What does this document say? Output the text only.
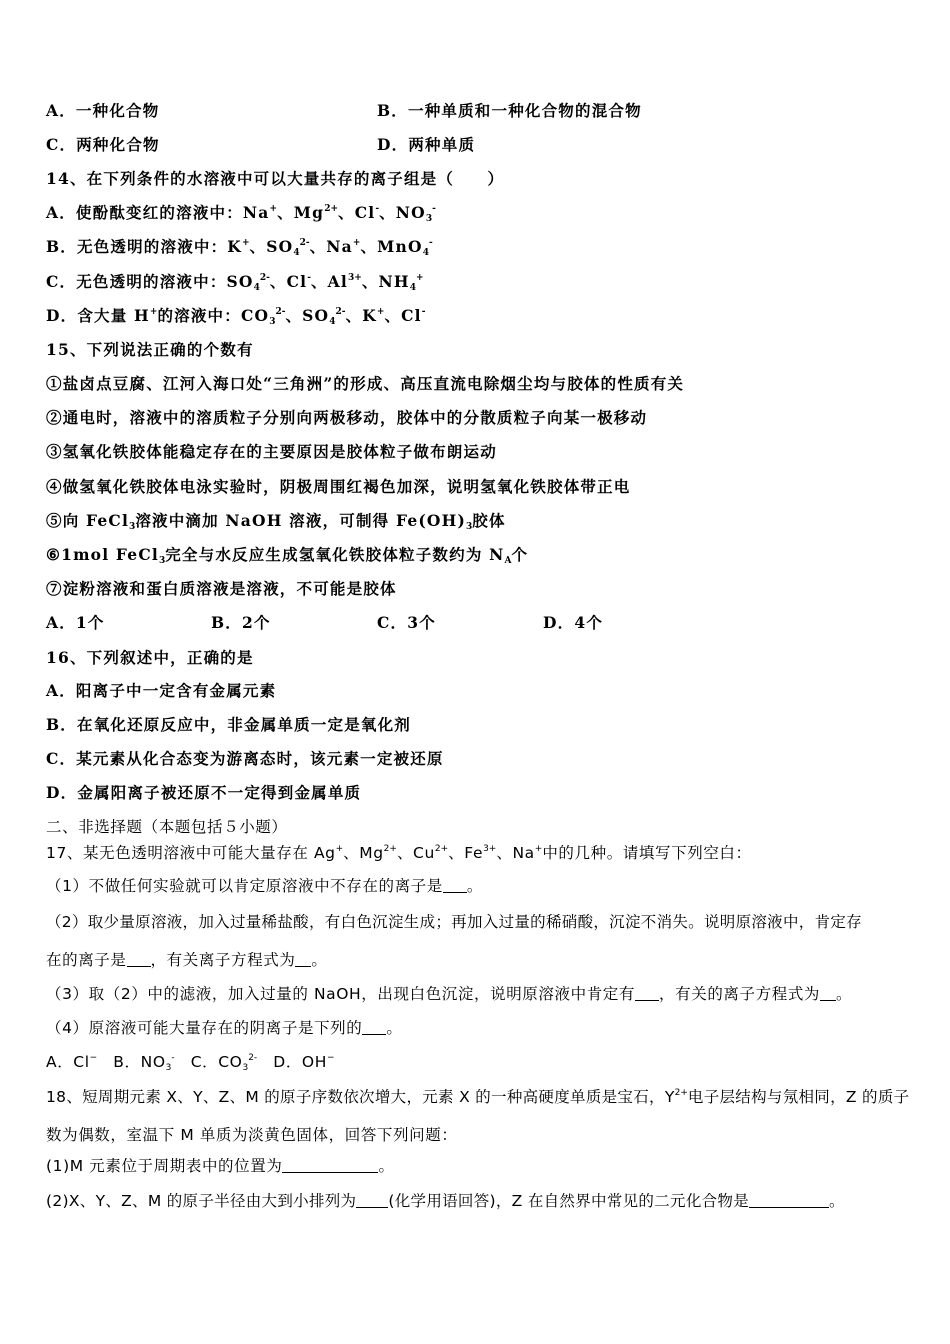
A．一种化合物	B．一种单质和一种化合物的混合物
C．两种化合物	D．两种单质
14、在下列条件的水溶液中可以大量共存的离子组是（　　）
A．使酚酞变红的溶液中：Na+、$Mg^{2+}$、Cl-、$NO_3^-$
B．无色透明的溶液中：K+、$SO_4^{2-}$、Na+、MnO$_4$-
C．无色透明的溶液中：$SO_4^{2-}$、Cl-、$Al^{3+}$、$NH_4^+$
D．含大量 H+的溶液中：$CO_3^{2-}$、$SO_4^{2-}$、K+、Cl-
15、下列说法正确的个数有
①盐卤点豆腐、江河入海口处“三角洲”的形成、高压直流电除烟尘均与胶体的性质有关
②通电时，溶液中的溶质粒子分别向两极移动，胶体中的分散质粒子向某一极移动
③氢氧化铁胶体能稳定存在的主要原因是胶体粒子做布朗运动
④做氢氧化铁胶体电泳实验时，阴极周围红褐色加深，说明氢氧化铁胶体带正电
⑤向 FeCl$_3$溶液中滴加 NaOH 溶液，可制得 $Fe(OH)_3$胶体
⑥1mol FeCl$_3$完全与水反应生成氢氧化铁胶体粒子数约为 $N_A$个
⑦淀粉溶液和蛋白质溶液是溶液，不可能是胶体
A．1个	B．2个	C．3个	D．4个
16、下列叙述中，正确的是
A．阳离子中一定含有金属元素
B．在氧化还原反应中，非金属单质一定是氧化剂
C．某元素从化合态变为游离态时，该元素一定被还原
D．金属阳离子被还原不一定得到金属单质
二、非选择题（本题包括５小题）
17、某无色透明溶液中可能大量存在 Ag+、$Mg^{2+}$、$Cu^{2+}$、$Fe^{3+}$、Na+中的几种。请填写下列空白：
（1）不做任何实验就可以肯定原溶液中不存在的离子是 。
（2）取少量原溶液，加入过量稀盐酸，有白色沉淀生成；再加入过量的稀硝酸，沉淀不消失。说明原溶液中，肯定存
在的离子是 ，有关离子方程式为 。
（3）取（2）中的滤液，加入过量的 NaOH，出现白色沉淀，说明原溶液中肯定有 ，有关的离子方程式为 。
（4）原溶液可能大量存在的阴离子是下列的 。
A．Cl−　B．$NO_3^-$　C．$CO_3^{2-}$　D．OH−
18、短周期元素 X、Y、Z、M 的原子序数依次增大，元素 X 的一种高硬度单质是宝石，$Y^{2+}$电子层结构与氖相同，Z 的质子
数为偶数，室温下 M 单质为淡黄色固体，回答下列问题：
(1)M 元素位于周期表中的位置为	。
(2)X、Y、Z、M 的原子半径由大到小排列为 (化学用语回答)，Z 在自然界中常见的二元化合物是	。
